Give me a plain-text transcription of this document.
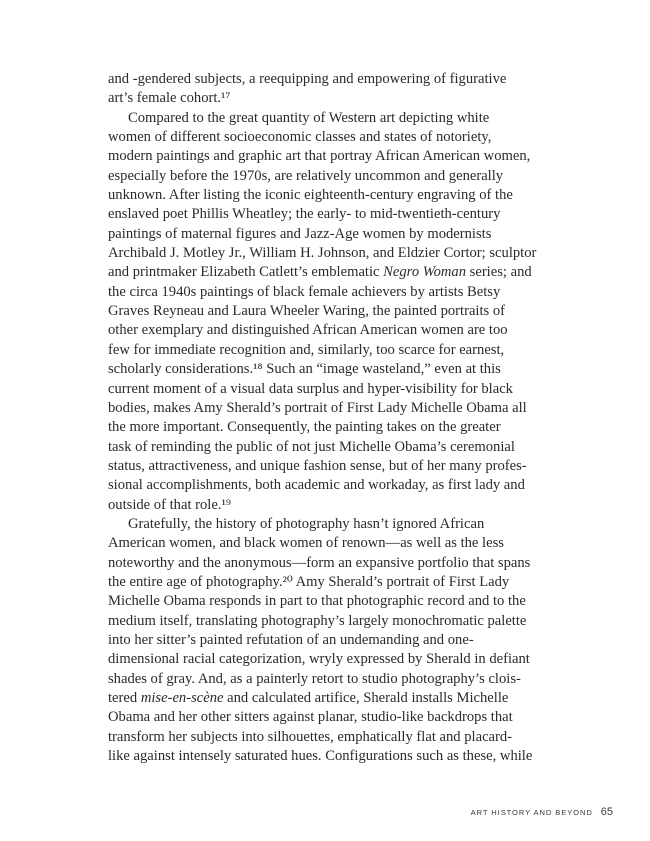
and -gendered subjects, a reequipping and empowering of figurative
art’s female cohort.¹⁷
Compared to the great quantity of Western art depicting white
women of different socioeconomic classes and states of notoriety,
modern paintings and graphic art that portray African American women,
especially before the 1970s, are relatively uncommon and generally
unknown. After listing the iconic eighteenth-century engraving of the
enslaved poet Phillis Wheatley; the early- to mid-twentieth-century
paintings of maternal figures and Jazz-Age women by modernists
Archibald J. Motley Jr., William H. Johnson, and Eldzier Cortor; sculptor
and printmaker Elizabeth Catlett’s emblematic Negro Woman series; and
the circa 1940s paintings of black female achievers by artists Betsy
Graves Reyneau and Laura Wheeler Waring, the painted portraits of
other exemplary and distinguished African American women are too
few for immediate recognition and, similarly, too scarce for earnest,
scholarly considerations.¹⁸ Such an “image wasteland,” even at this
current moment of a visual data surplus and hyper-visibility for black
bodies, makes Amy Sherald’s portrait of First Lady Michelle Obama all
the more important. Consequently, the painting takes on the greater
task of reminding the public of not just Michelle Obama’s ceremonial
status, attractiveness, and unique fashion sense, but of her many profes-
sional accomplishments, both academic and workaday, as first lady and
outside of that role.¹⁹
Gratefully, the history of photography hasn’t ignored African
American women, and black women of renown—as well as the less
noteworthy and the anonymous—form an expansive portfolio that spans
the entire age of photography.²⁰ Amy Sherald’s portrait of First Lady
Michelle Obama responds in part to that photographic record and to the
medium itself, translating photography’s largely monochromatic palette
into her sitter’s painted refutation of an undemanding and one-
dimensional racial categorization, wryly expressed by Sherald in defiant
shades of gray. And, as a painterly retort to studio photography’s clois-
tered mise-en-scène and calculated artifice, Sherald installs Michelle
Obama and her other sitters against planar, studio-like backdrops that
transform her subjects into silhouettes, emphatically flat and placard-
like against intensely saturated hues. Configurations such as these, while
ART HISTORY AND BEYOND 65
